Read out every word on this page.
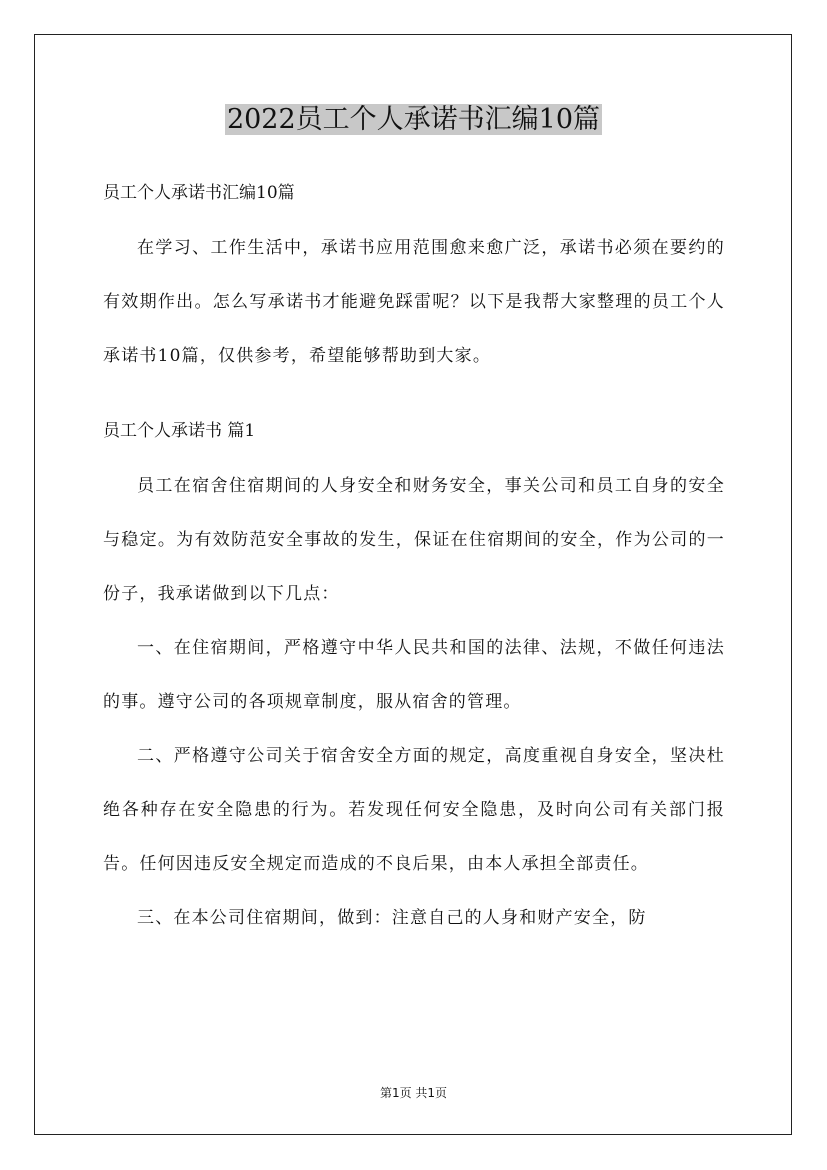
2022员工个人承诺书汇编10篇

员工个人承诺书汇编10篇

在学习、工作生活中，承诺书应用范围愈来愈广泛，承诺书必须在要约的有效期作出。怎么写承诺书才能避免踩雷呢？以下是我帮大家整理的员工个人承诺书10篇，仅供参考，希望能够帮助到大家。

员工个人承诺书 篇1

员工在宿舍住宿期间的人身安全和财务安全，事关公司和员工自身的安全与稳定。为有效防范安全事故的发生，保证在住宿期间的安全，作为公司的一份子，我承诺做到以下几点：

一、在住宿期间，严格遵守中华人民共和国的法律、法规，不做任何违法的事。遵守公司的各项规章制度，服从宿舍的管理。

二、严格遵守公司关于宿舍安全方面的规定，高度重视自身安全，坚决杜绝各种存在安全隐患的行为。若发现任何安全隐患，及时向公司有关部门报告。任何因违反安全规定而造成的不良后果，由本人承担全部责任。

三、在本公司住宿期间，做到：注意自己的人身和财产安全，防

第1页 共1页
